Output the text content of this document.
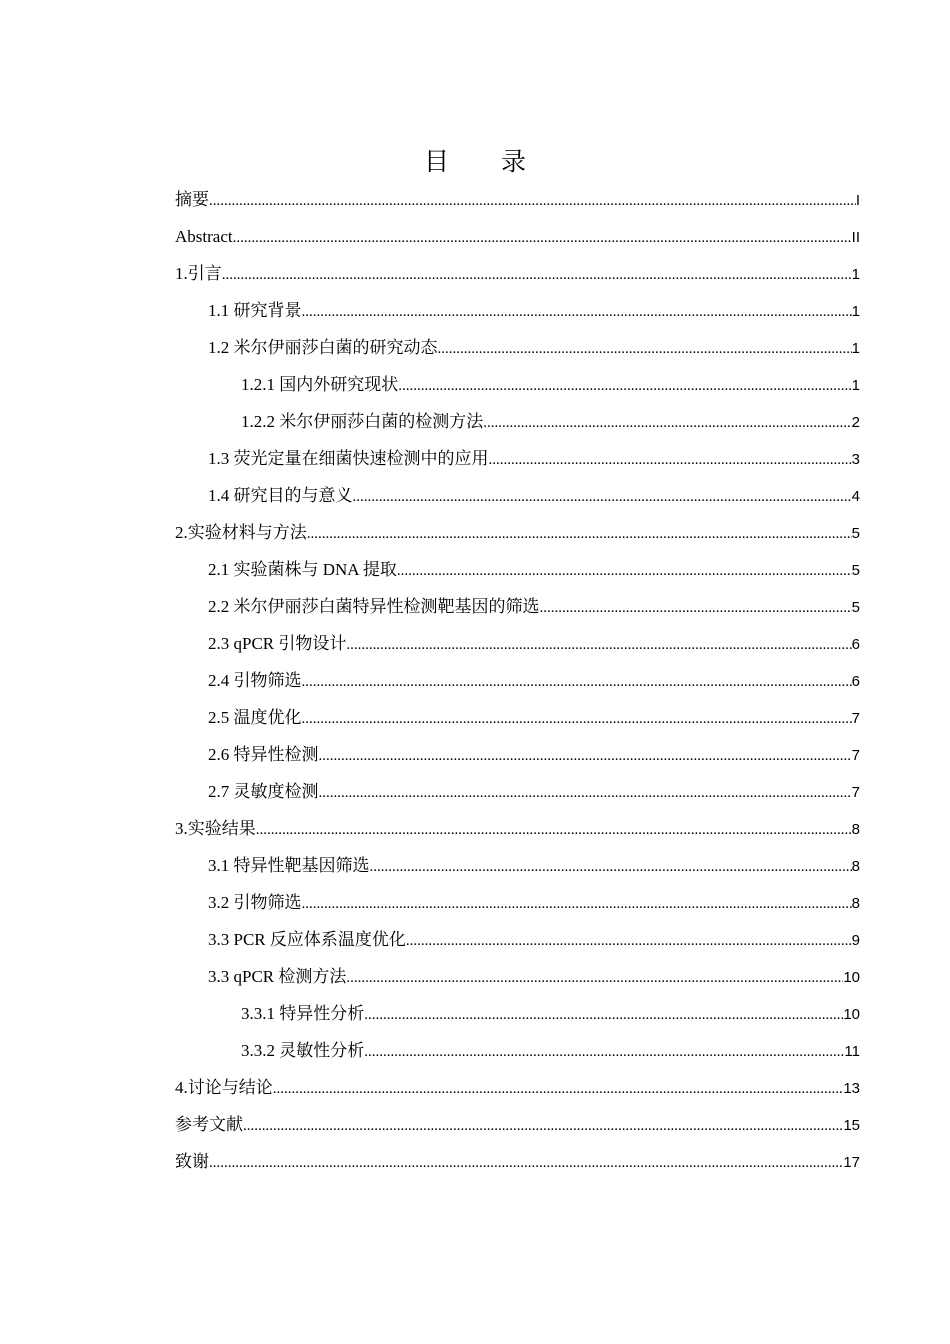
目 录
摘要 .....	I
Abstract .....	II
1.引言 .....	1
1.1 研究背景 .....	1
1.2 米尔伊丽莎白菌的研究动态 .....	1
1.2.1 国内外研究现状 .....	1
1.2.2 米尔伊丽莎白菌的检测方法 .....	2
1.3 荧光定量在细菌快速检测中的应用 .....	3
1.4 研究目的与意义 .....	4
2.实验材料与方法 .....	5
2.1 实验菌株与 DNA 提取 .....	5
2.2 米尔伊丽莎白菌特异性检测靶基因的筛选 .....	5
2.3 qPCR 引物设计 .....	6
2.4 引物筛选 .....	6
2.5 温度优化 .....	7
2.6 特异性检测 .....	7
2.7 灵敏度检测 .....	7
3.实验结果 .....	8
3.1 特异性靶基因筛选 .....	8
3.2 引物筛选 .....	8
3.3 PCR 反应体系温度优化 .....	9
3.3 qPCR 检测方法 .....	10
3.3.1 特异性分析 .....	10
3.3.2 灵敏性分析 .....	11
4.讨论与结论 .....	13
参考文献 .....	15
致谢 .....	17
